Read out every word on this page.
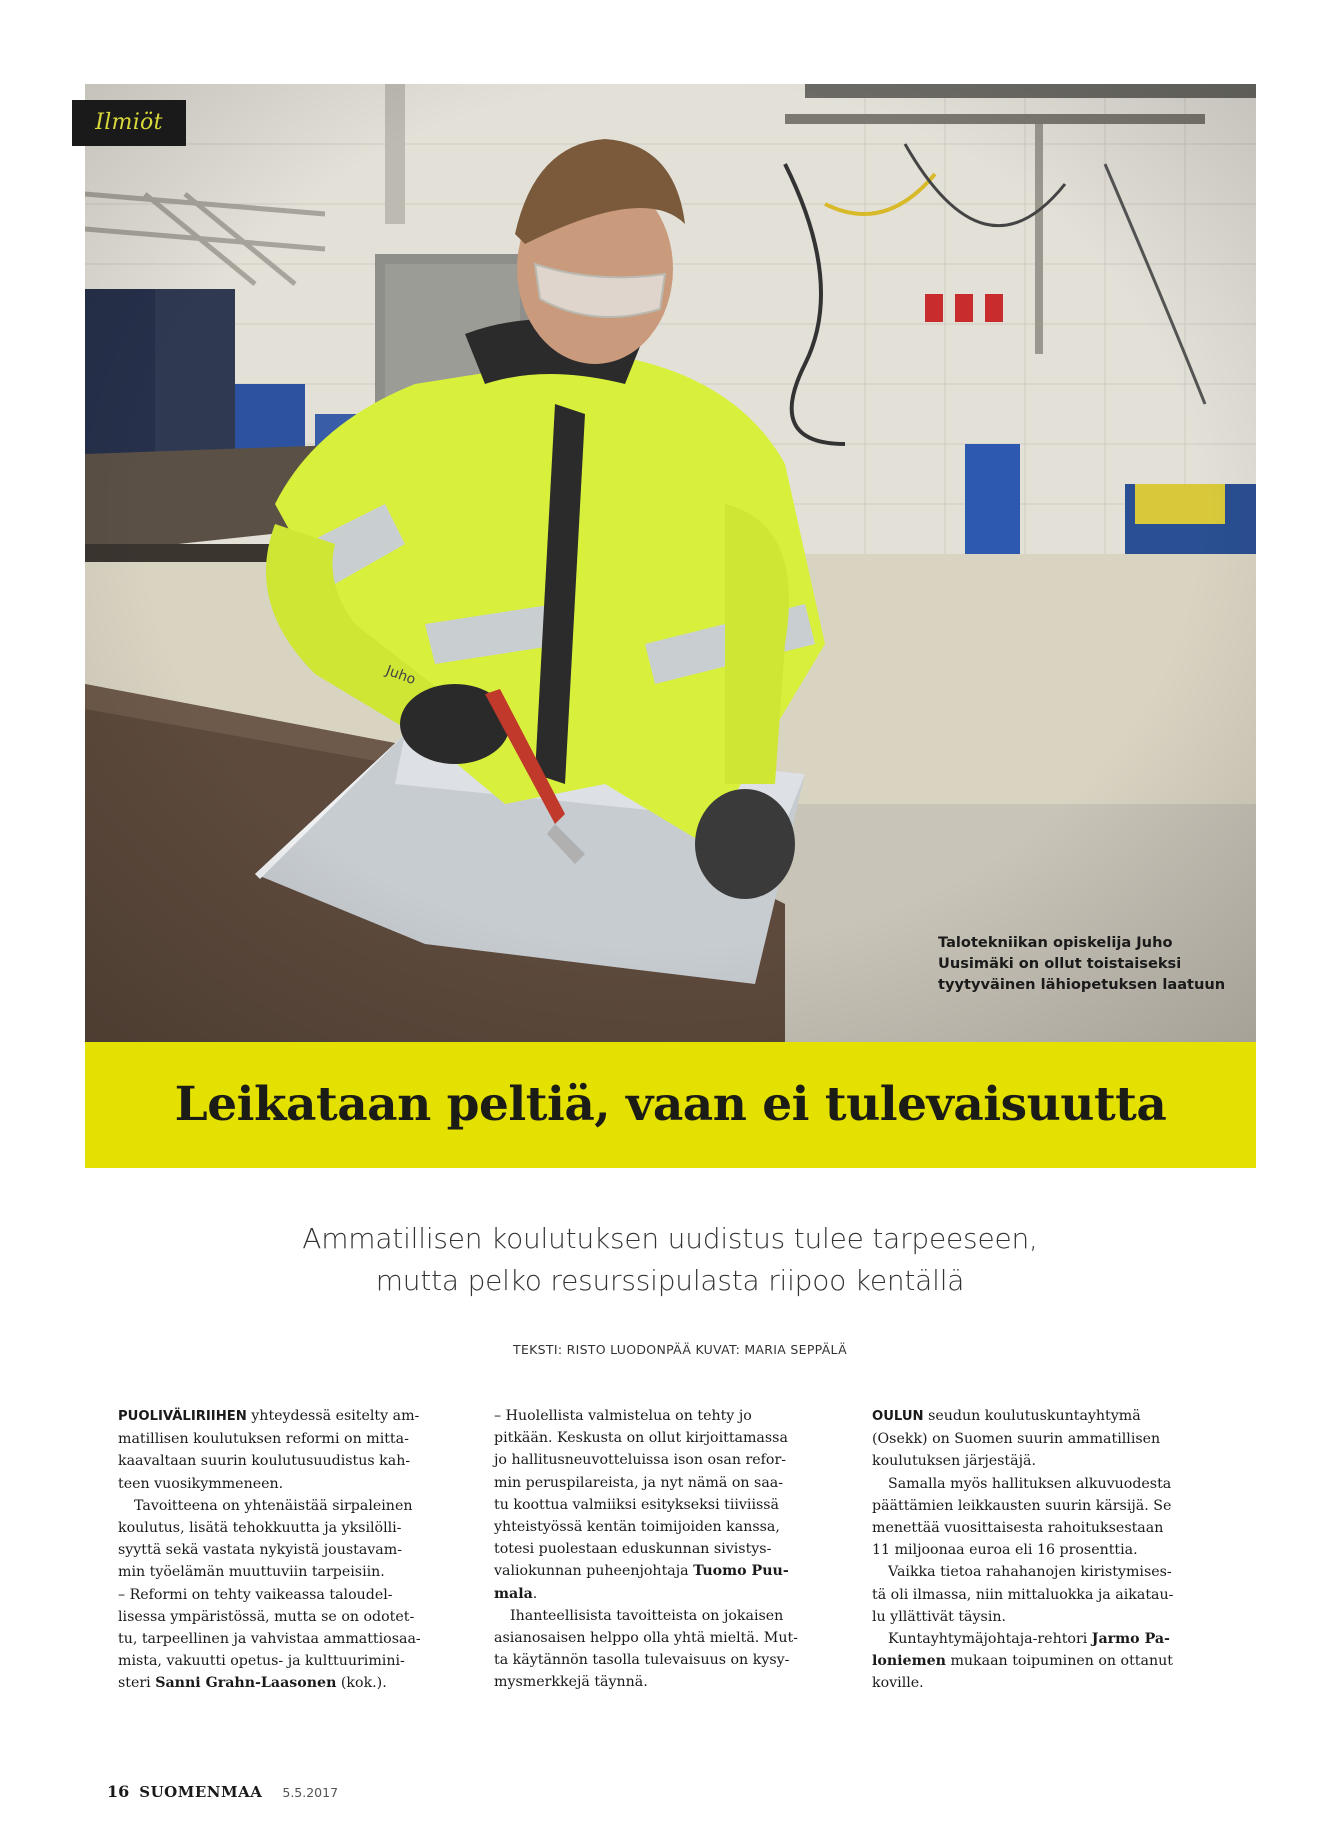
Ilmiöt
Talotekniikan opiskelija Juho
Uusimäki on ollut toistaiseksi
tyytyväinen lähiopetuksen laatuun
Leikataan peltiä, vaan ei tulevaisuutta
Ammatillisen koulutuksen uudistus tulee tarpeeseen,
mutta pelko resurssipulasta riipoo kentällä
TEKSTI: RISTO LUODONPÄÄ KUVAT: MARIA SEPPÄLÄ

PUOLIVÄLIRIIHEN yhteydessä esitelty am-
matillisen koulutuksen reformi on mitta-
kaavaltaan suurin koulutusuudistus kah-
teen vuosikymmeneen.

Tavoitteena on yhtenäistää sirpaleinen
koulutus, lisätä tehokkuutta ja yksilölli-
syyttä sekä vastata nykyistä joustavam-
min työelämän muuttuviin tarpeisiin.

– Reformi on tehty vaikeassa taloudel-
lisessa ympäristössä, mutta se on odotet-
tu, tarpeellinen ja vahvistaa ammattiosaa-
mista, vakuutti opetus- ja kulttuurimini-
steri Sanni Grahn-Laasonen (kok.).

– Huolellista valmistelua on tehty jo
pitkään. Keskusta on ollut kirjoittamassa
jo hallitusneuvotteluissa ison osan refor-
min peruspilareista, ja nyt nämä on saa-
tu koottua valmiiksi esitykseksi tiiviissä
yhteistyössä kentän toimijoiden kanssa,
totesi puolestaan eduskunnan sivistys-
valiokunnan puheenjohtaja Tuomo Puu-
mala.

Ihanteellisista tavoitteista on jokaisen
asianosaisen helppo olla yhtä mieltä. Mut-
ta käytännön tasolla tulevaisuus on kysy-
mysmerkkejä täynnä.

OULUN seudun koulutuskuntayhtymä
(Osekk) on Suomen suurin ammatillisen
koulutuksen järjestäjä.

Samalla myös hallituksen alkuvuodesta
päättämien leikkausten suurin kärsijä. Se
menettää vuosittaisesta rahoituksestaan
11 miljoonaa euroa eli 16 prosenttia.

Vaikka tietoa rahahanojen kiristymises-
tä oli ilmassa, niin mittaluokka ja aikatau-
lu yllättivät täysin.

Kuntayhtymäjohtaja-rehtori Jarmo Pa-
loniemen mukaan toipuminen on ottanut
koville.

16 SUOMENMAA 5.5.2017
